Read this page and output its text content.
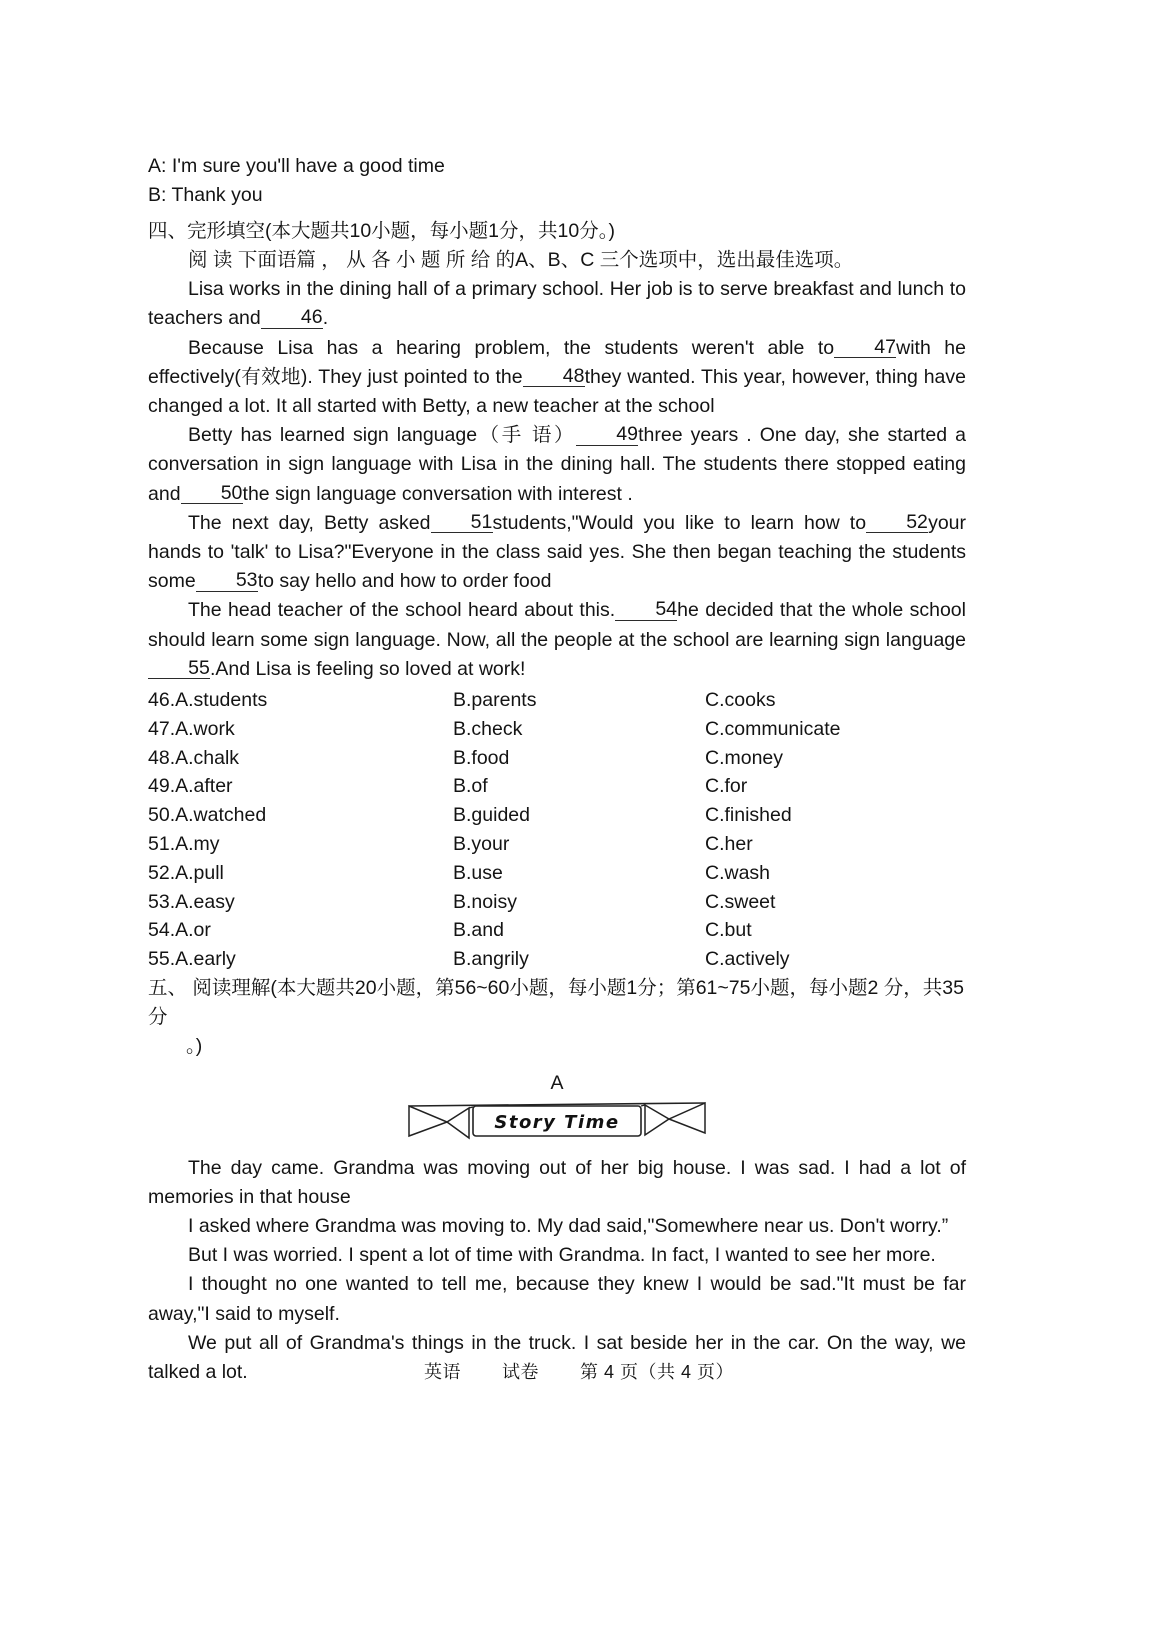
A: I'm sure you'll have a good time
B: Thank you
四、完形填空(本大题共10小题，每小题1分，共10分。)
阅 读 下面语篇 ， 从 各 小 题 所 给 的A、B、C 三个选项中，选出最佳选项。

Lisa works in the dining hall of a primary school. Her job is to serve breakfast and lunch to teachers and 46.

Because Lisa has a hearing problem, the students weren't able to 47with he effectively(有效地). They just pointed to the 48they wanted. This year, however, thing have changed a lot. It all started with Betty, a new teacher at the school

Betty has learned sign language（手 语） 49three years . One day, she started a conversation in sign language with Lisa in the dining hall. The students there stopped eating and 50the sign language conversation with interest .

The next day, Betty asked 51students,"Would you like to learn how to 52your hands to 'talk' to Lisa?"Everyone in the class said yes. She then began teaching the students some 53to say hello and how to order food

The head teacher of the school heard about this. 54he decided that the whole school should learn some sign language. Now, all the people at the school are learning sign language55.And Lisa is feeling so loved at work!

46.A.students	B.parents	C.cooks
47.A.work	B.check	C.communicate
48.A.chalk	B.food	C.money
49.A.after	B.of	C.for
50.A.watched	B.guided	C.finished
51.A.my	B.your	C.her
52.A.pull	B.use	C.wash
53.A.easy	B.noisy	C.sweet
54.A.or	B.and	C.but
55.A.early	B.angrily	C.actively
五、 阅读理解(本大题共20小题，第56~60小题，每小题1分；第61~75小题，每小题2 分，共35分
。)
A
Story Time

The day came. Grandma was moving out of her big house. I was sad. I had a lot of memories in that house

I asked where Grandma was moving to. My dad said,"Somewhere near us. Don't worry.”

But I was worried. I spent a lot of time with Grandma. In fact, I wanted to see her more.

I thought no one wanted to tell me, because they knew I would be sad."It must be far away,"I said to myself.

We put all of Grandma's things in the truck. I sat beside her in the car. On the way, we talked a lot.	英语 试卷 第 4 页（共 4 页）
